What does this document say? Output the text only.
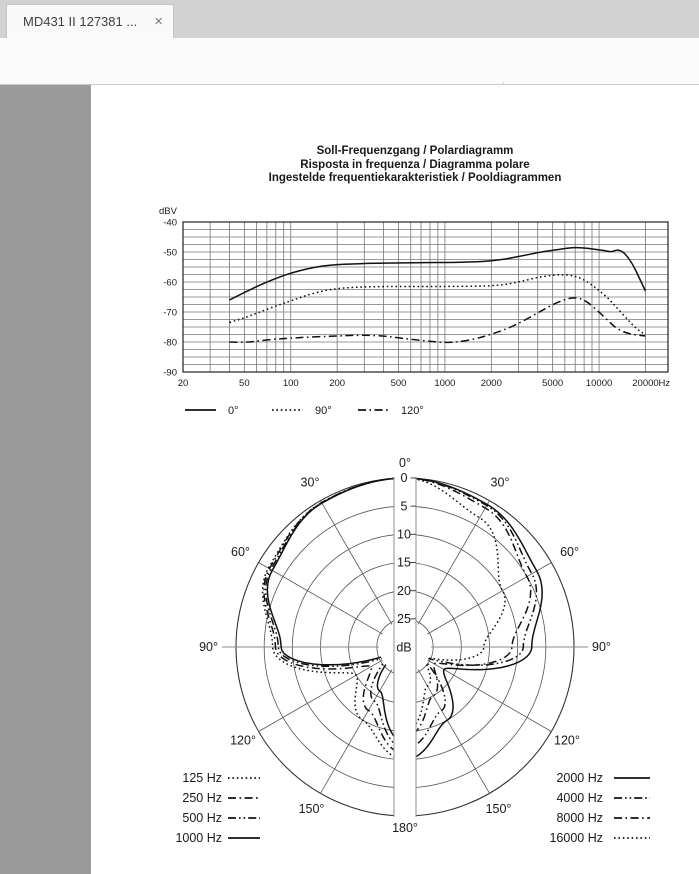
MD431 II 127381 ...	×
Soll-Frequenzgang / Polardiagramm
Risposta in frequenza / Diagramma polare
Ingestelde frequentiekarakteristiek / Pooldiagrammen
dBV
-40
-50
-60
-70
-80
-90
20	50	100	200	500	1000	2000	5000 10000 20000 Hz
0°	90°	120°
0
5
10
15
20
25
dB
0°
30°	30°
60°	60°
90°	90°
120°	120°
150°	150°
180°
125 Hz
250 Hz
500 Hz
1000 Hz
2000 Hz
4000 Hz
8000 Hz
16000 Hz
